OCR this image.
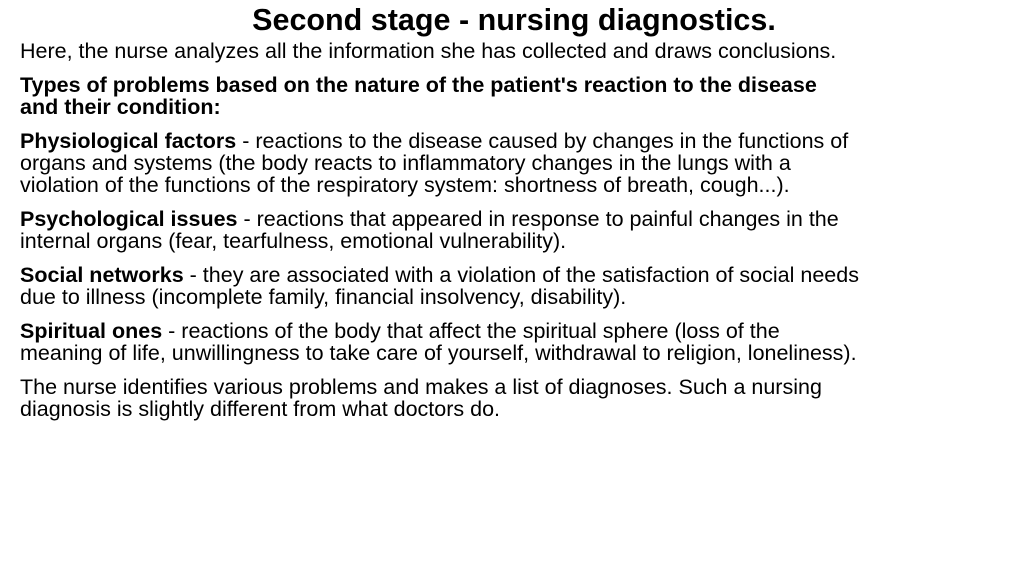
Second stage - nursing diagnostics.

Here, the nurse analyzes all the information she has collected and draws conclusions.

Types of problems based on the nature of the patient's reaction to the disease
and their condition:

Physiological factors - reactions to the disease caused by changes in the functions of
organs and systems (the body reacts to inflammatory changes in the lungs with a
violation of the functions of the respiratory system: shortness of breath, cough...).

Psychological issues - reactions that appeared in response to painful changes in the
internal organs (fear, tearfulness, emotional vulnerability).

Social networks - they are associated with a violation of the satisfaction of social needs
due to illness (incomplete family, financial insolvency, disability).

Spiritual ones - reactions of the body that affect the spiritual sphere (loss of the
meaning of life, unwillingness to take care of yourself, withdrawal to religion, loneliness).

The nurse identifies various problems and makes a list of diagnoses. Such a nursing
diagnosis is slightly different from what doctors do.
